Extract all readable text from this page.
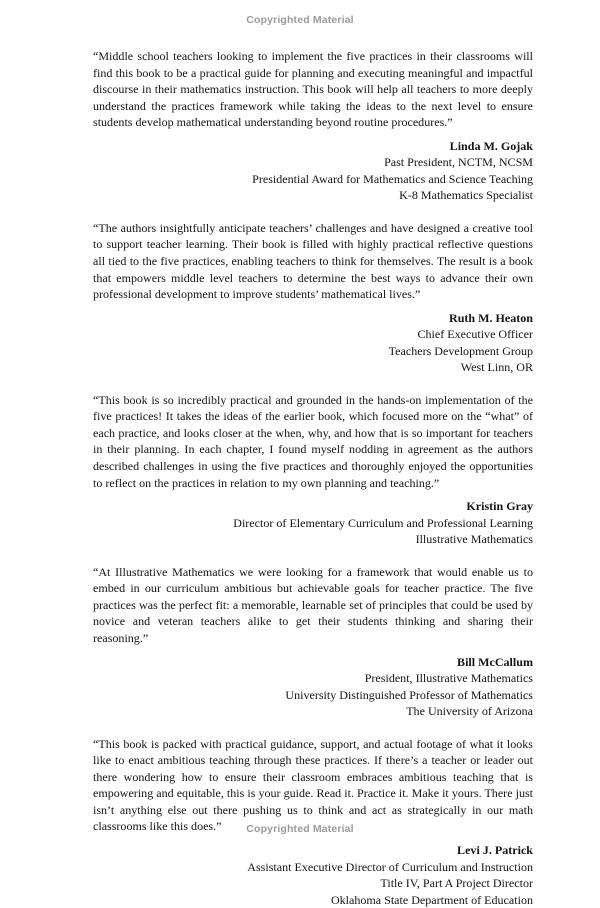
Copyrighted Material

“Middle school teachers looking to implement the five practices in their classrooms will find this book to be a practical guide for planning and executing meaningful and impactful discourse in their mathematics instruction. This book will help all teachers to more deeply understand the practices framework while taking the ideas to the next level to ensure students develop mathematical understanding beyond routine procedures.”

Linda M. Gojak
Past President, NCTM, NCSM
Presidential Award for Mathematics and Science Teaching
K-8 Mathematics Specialist

“The authors insightfully anticipate teachers’ challenges and have designed a creative tool to support teacher learning. Their book is filled with highly practical reflective questions all tied to the five practices, enabling teachers to think for themselves. The result is a book that empowers middle level teachers to determine the best ways to advance their own professional development to improve students’ mathematical lives.”

Ruth M. Heaton
Chief Executive Officer
Teachers Development Group
West Linn, OR

“This book is so incredibly practical and grounded in the hands-on implementation of the five practices! It takes the ideas of the earlier book, which focused more on the “what” of each practice, and looks closer at the when, why, and how that is so important for teachers in their planning. In each chapter, I found myself nodding in agreement as the authors described challenges in using the five practices and thoroughly enjoyed the opportunities to reflect on the practices in relation to my own planning and teaching.”

Kristin Gray
Director of Elementary Curriculum and Professional Learning
Illustrative Mathematics

“At Illustrative Mathematics we were looking for a framework that would enable us to embed in our curriculum ambitious but achievable goals for teacher practice. The five practices was the perfect fit: a memorable, learnable set of principles that could be used by novice and veteran teachers alike to get their students thinking and sharing their reasoning.”

Bill McCallum
President, Illustrative Mathematics
University Distinguished Professor of Mathematics
The University of Arizona

“This book is packed with practical guidance, support, and actual footage of what it looks like to enact ambitious teaching through these practices. If there’s a teacher or leader out there wondering how to ensure their classroom embraces ambitious teaching that is empowering and equitable, this is your guide. Read it. Practice it. Make it yours. There just isn’t anything else out there pushing us to think and act as strategically in our math classrooms like this does.”

Levi J. Patrick
Assistant Executive Director of Curriculum and Instruction
Title IV, Part A Project Director
Oklahoma State Department of Education
Copyrighted Material
